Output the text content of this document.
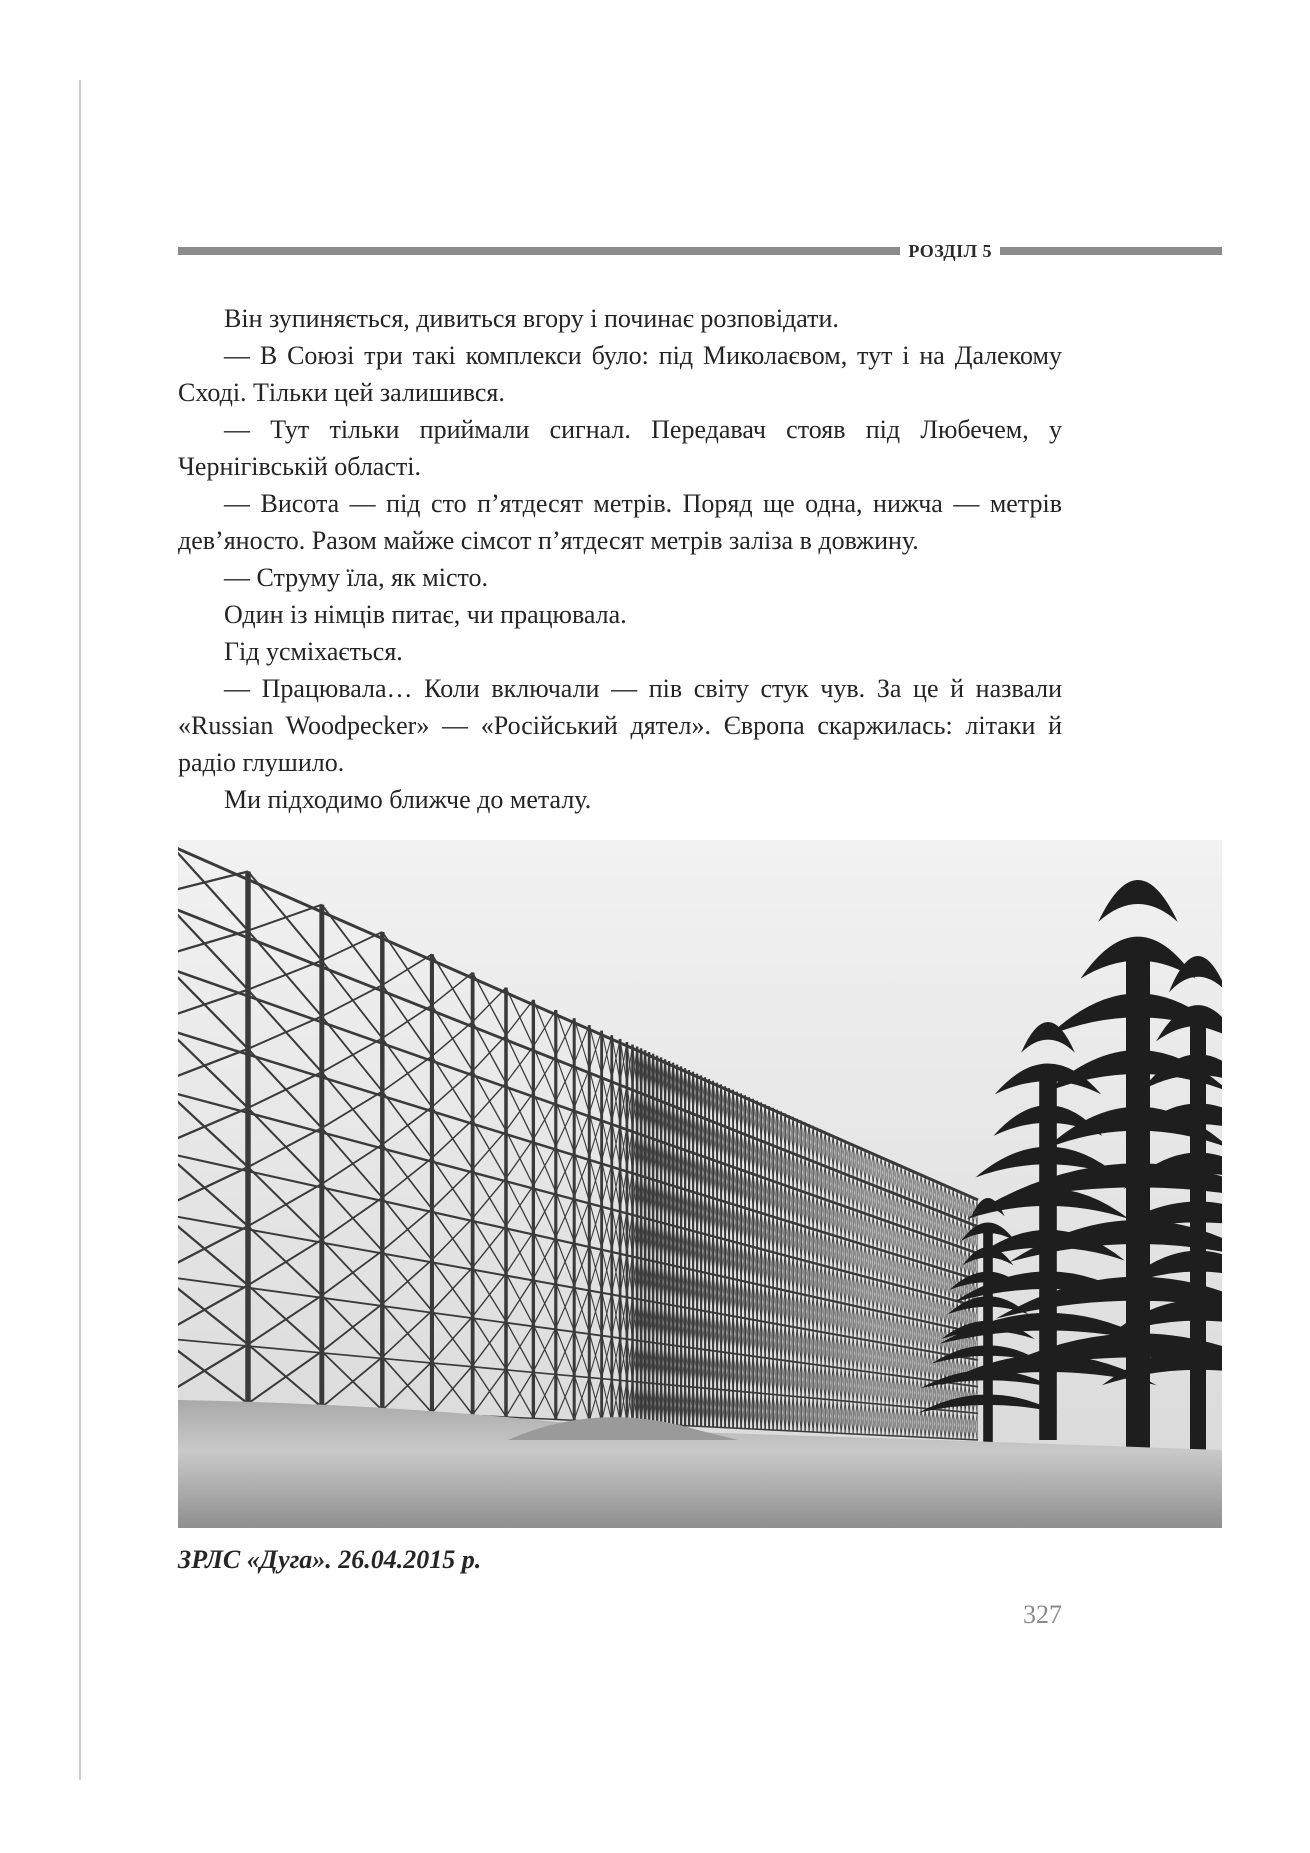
РОЗДІЛ 5

Він зупиняється, дивиться вгору і починає розповідати.

— В Союзі три такі комплекси було: під Миколаєвом, тут і на Далекому Сході. Тільки цей залишився.

— Тут тільки приймали сигнал. Передавач стояв під Любечем, у Чернігівській області.

— Висота — під сто п’ятдесят метрів. Поряд ще одна, нижча — метрів дев’яносто. Разом майже сімсот п’ятдесят метрів заліза в довжину.

— Струму їла, як місто.

Один із німців питає, чи працювала.

Гід усміхається.

— Працювала… Коли включали — пів світу стук чув. За це й назвали «Russian Woodpecker» — «Російський дятел». Європа скаржилась: літаки й радіо глушило.

Ми підходимо ближче до металу.

ЗРЛС «Дуга». 26.04.2015 р.
327
